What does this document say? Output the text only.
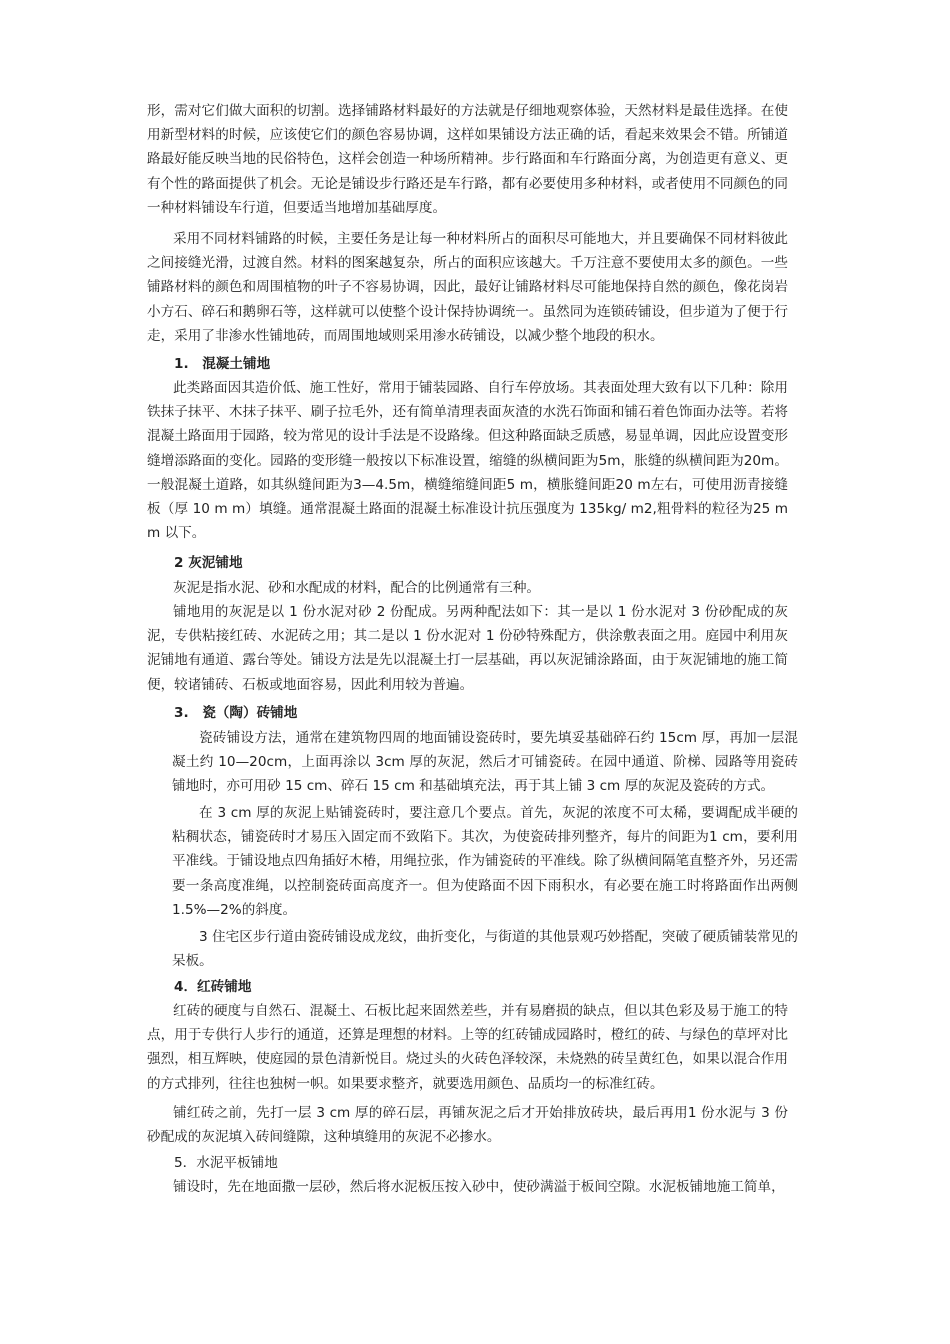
形，需对它们做大面积的切割。选择铺路材料最好的方法就是仔细地观察体验，天然材料是最佳选择。在使用新型材料的时候，应该使它们的颜色容易协调，这样如果铺设方法正确的话，看起来效果会不错。所铺道路最好能反映当地的民俗特色，这样会创造一种场所精神。步行路面和车行路面分离，为创造更有意义、更有个性的路面提供了机会。无论是铺设步行路还是车行路，都有必要使用多种材料，或者使用不同颜色的同一种材料铺设车行道，但要适当地增加基础厚度。

采用不同材料铺路的时候，主要任务是让每一种材料所占的面积尽可能地大，并且要确保不同材料彼此之间接缝光滑，过渡自然。材料的图案越复杂，所占的面积应该越大。千万注意不要使用太多的颜色。一些铺路材料的颜色和周围植物的叶子不容易协调，因此，最好让铺路材料尽可能地保持自然的颜色，像花岗岩小方石、碎石和鹅卵石等，这样就可以使整个设计保持协调统一。虽然同为连锁砖铺设，但步道为了便于行走，采用了非渗水性铺地砖，而周围地域则采用渗水砖铺设，以减少整个地段的积水。

1.　混凝土铺地

此类路面因其造价低、施工性好，常用于铺装园路、自行车停放场。其表面处理大致有以下几种：除用铁抹子抹平、木抹子抹平、刷子拉毛外，还有简单清理表面灰渣的水洗石饰面和铺石着色饰面办法等。若将混凝土路面用于园路，较为常见的设计手法是不设路缘。但这种路面缺乏质感，易显单调，因此应设置变形缝增添路面的变化。园路的变形缝一般按以下标准设置，缩缝的纵横间距为5m，胀缝的纵横间距为20m。一般混凝土道路，如其纵缝间距为3—4.5m，横缝缩缝间距5 m，横胀缝间距20 m左右，可使用沥青接缝板（厚 10 m m）填缝。通常混凝土路面的混凝土标准设计抗压强度为 135kg/ m2,粗骨料的粒径为25 m m 以下。

2 灰泥铺地

灰泥是指水泥、砂和水配成的材料，配合的比例通常有三种。

铺地用的灰泥是以 1 份水泥对砂 2 份配成。另两种配法如下：其一是以 1 份水泥对 3 份砂配成的灰泥，专供粘接红砖、水泥砖之用；其二是以 1 份水泥对 1 份砂特殊配方，供涂敷表面之用。庭园中利用灰泥铺地有通道、露台等处。铺设方法是先以混凝土打一层基础，再以灰泥铺涂路面，由于灰泥铺地的施工简便，较诸铺砖、石板或地面容易，因此利用较为普遍。

3.　瓷（陶）砖铺地

瓷砖铺设方法，通常在建筑物四周的地面铺设瓷砖时，要先填妥基础碎石约 15cm 厚，再加一层混凝土约 10—20cm，上面再涂以 3cm 厚的灰泥，然后才可铺瓷砖。在园中通道、阶梯、园路等用瓷砖铺地时，亦可用砂 15 cm、碎石 15 cm 和基础填充法，再于其上铺 3 cm 厚的灰泥及瓷砖的方式。

在 3 cm 厚的灰泥上贴铺瓷砖时，要注意几个要点。首先，灰泥的浓度不可太稀，要调配成半硬的粘稠状态，铺瓷砖时才易压入固定而不致陷下。其次，为使瓷砖排列整齐，每片的间距为1 cm，要利用平准线。于铺设地点四角插好木椿，用绳拉张，作为铺瓷砖的平准线。除了纵横间隔笔直整齐外，另还需要一条高度准绳，以控制瓷砖面高度齐一。但为使路面不因下雨积水，有必要在施工时将路面作出两侧 1.5%—2%的斜度。

3 住宅区步行道由瓷砖铺设成龙纹，曲折变化，与街道的其他景观巧妙搭配，突破了硬质铺装常见的呆板。

4．红砖铺地

红砖的硬度与自然石、混凝土、石板比起来固然差些，并有易磨损的缺点，但以其色彩及易于施工的特点，用于专供行人步行的通道，还算是理想的材料。上等的红砖铺成园路时，橙红的砖、与绿色的草坪对比强烈，相互辉映，使庭园的景色清新悦目。烧过头的火砖色泽较深，未烧熟的砖呈黄红色，如果以混合作用的方式排列，往往也独树一帜。如果要求整齐，就要选用颜色、品质均一的标准红砖。

铺红砖之前，先打一层 3 cm 厚的碎石层，再铺灰泥之后才开始排放砖块，最后再用1 份水泥与 3 份砂配成的灰泥填入砖间缝隙，这种填缝用的灰泥不必掺水。

5．水泥平板铺地

铺设时，先在地面撒一层砂，然后将水泥板压按入砂中，使砂满溢于板间空隙。水泥板铺地施工简单，
